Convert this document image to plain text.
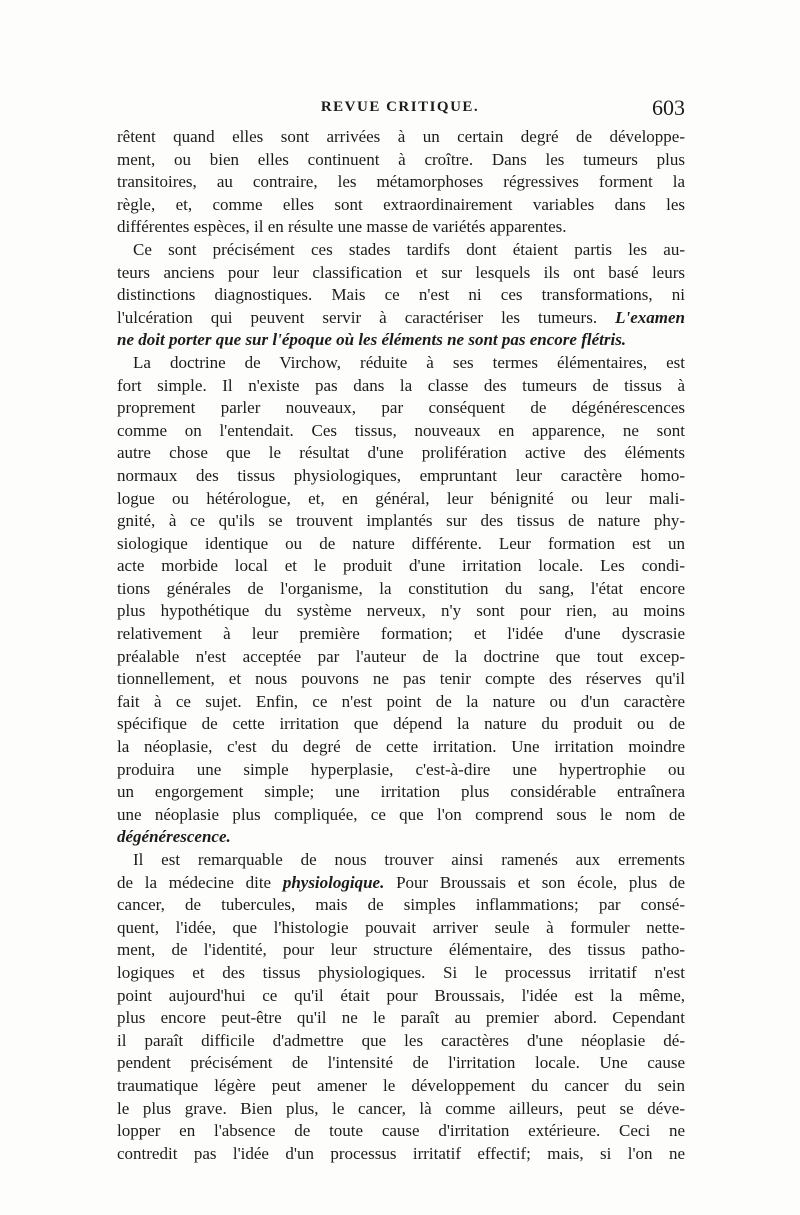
REVUE CRITIQUE.	603
rêtent quand elles sont arrivées à un certain degré de développe-
ment, ou bien elles continuent à croître. Dans les tumeurs plus
transitoires, au contraire, les métamorphoses régressives forment la
règle, et, comme elles sont extraordinairement variables dans les
différentes espèces, il en résulte une masse de variétés apparentes.
Ce sont précisément ces stades tardifs dont étaient partis les au-
teurs anciens pour leur classification et sur lesquels ils ont basé leurs
distinctions diagnostiques. Mais ce n'est ni ces transformations, ni
l'ulcération qui peuvent servir à caractériser les tumeurs. L'examen
ne doit porter que sur l'époque où les éléments ne sont pas encore flétris.
La doctrine de Virchow, réduite à ses termes élémentaires, est
fort simple. Il n'existe pas dans la classe des tumeurs de tissus à
proprement parler nouveaux, par conséquent de dégénérescences
comme on l'entendait. Ces tissus, nouveaux en apparence, ne sont
autre chose que le résultat d'une prolifération active des éléments
normaux des tissus physiologiques, empruntant leur caractère homo-
logue ou hétérologue, et, en général, leur bénignité ou leur mali-
gnité, à ce qu'ils se trouvent implantés sur des tissus de nature phy-
siologique identique ou de nature différente. Leur formation est un
acte morbide local et le produit d'une irritation locale. Les condi-
tions générales de l'organisme, la constitution du sang, l'état encore
plus hypothétique du système nerveux, n'y sont pour rien, au moins
relativement à leur première formation; et l'idée d'une dyscrasie
préalable n'est acceptée par l'auteur de la doctrine que tout excep-
tionnellement, et nous pouvons ne pas tenir compte des réserves qu'il
fait à ce sujet. Enfin, ce n'est point de la nature ou d'un caractère
spécifique de cette irritation que dépend la nature du produit ou de
la néoplasie, c'est du degré de cette irritation. Une irritation moindre
produira une simple hyperplasie, c'est-à-dire une hypertrophie ou
un engorgement simple; une irritation plus considérable entraînera
une néoplasie plus compliquée, ce que l'on comprend sous le nom de
dégénérescence.
Il est remarquable de nous trouver ainsi ramenés aux errements
de la médecine dite physiologique. Pour Broussais et son école, plus de
cancer, de tubercules, mais de simples inflammations; par consé-
quent, l'idée, que l'histologie pouvait arriver seule à formuler nette-
ment, de l'identité, pour leur structure élémentaire, des tissus patho-
logiques et des tissus physiologiques. Si le processus irritatif n'est
point aujourd'hui ce qu'il était pour Broussais, l'idée est la même,
plus encore peut-être qu'il ne le paraît au premier abord. Cependant
il paraît difficile d'admettre que les caractères d'une néoplasie dé-
pendent précisément de l'intensité de l'irritation locale. Une cause
traumatique légère peut amener le développement du cancer du sein
le plus grave. Bien plus, le cancer, là comme ailleurs, peut se déve-
lopper en l'absence de toute cause d'irritation extérieure. Ceci ne
contredit pas l'idée d'un processus irritatif effectif; mais, si l'on ne
